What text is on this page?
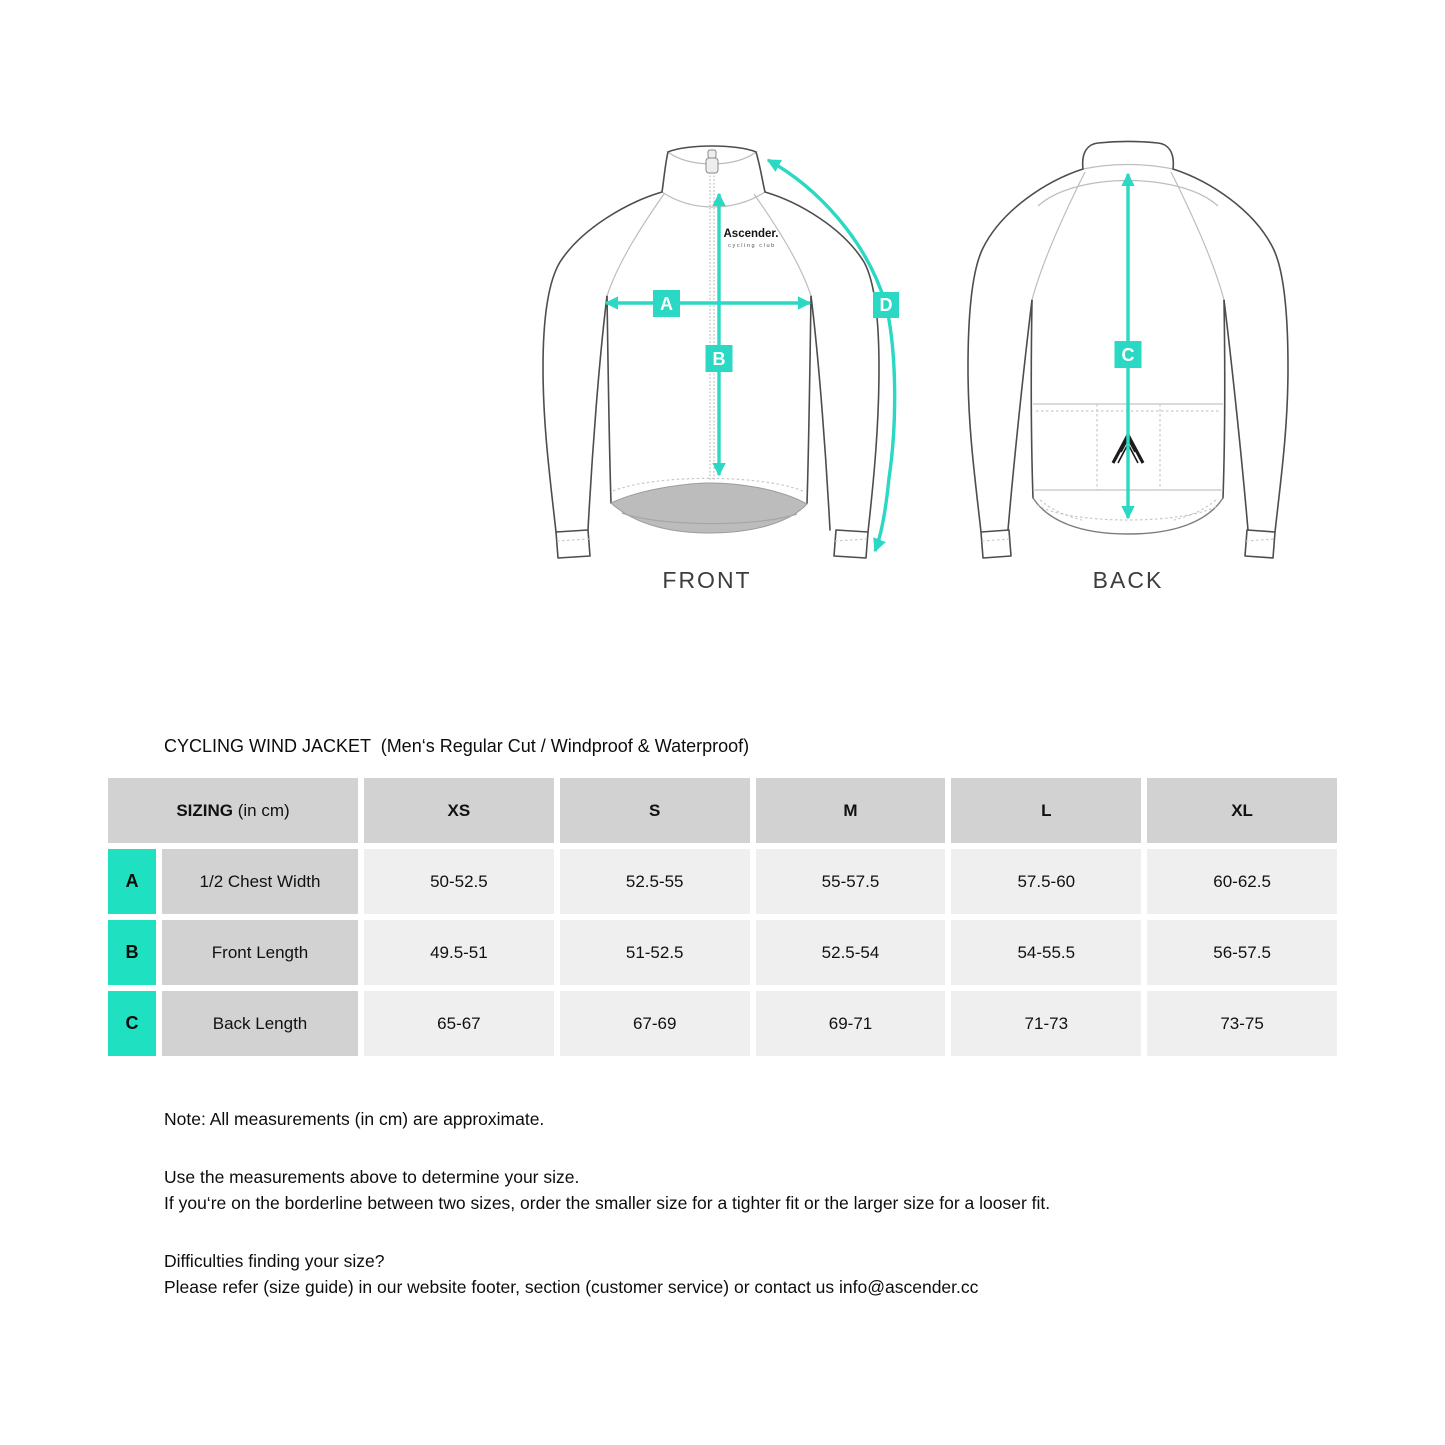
Ascender.
cycling club
A
B
D
FRONT
C
BACK
CYCLING WIND JACKET  (Men‘s Regular Cut / Windproof & Waterproof)
SIZING (in cm)	XS	S	M	L	XL
A	1/2 Chest Width	50-52.5	52.5-55	55-57.5	57.5-60	60-62.5
B	Front Length	49.5-51	51-52.5	52.5-54	54-55.5	56-57.5
C	Back Length	65-67	67-69	69-71	71-73	73-75

Note: All measurements (in cm) are approximate.

Use the measurements above to determine your size.

If you‘re on the borderline between two sizes, order the smaller size for a tighter fit or the larger size for a looser fit.

Difficulties finding your size?

Please refer (size guide) in our website footer, section (customer service) or contact us info@ascender.cc
